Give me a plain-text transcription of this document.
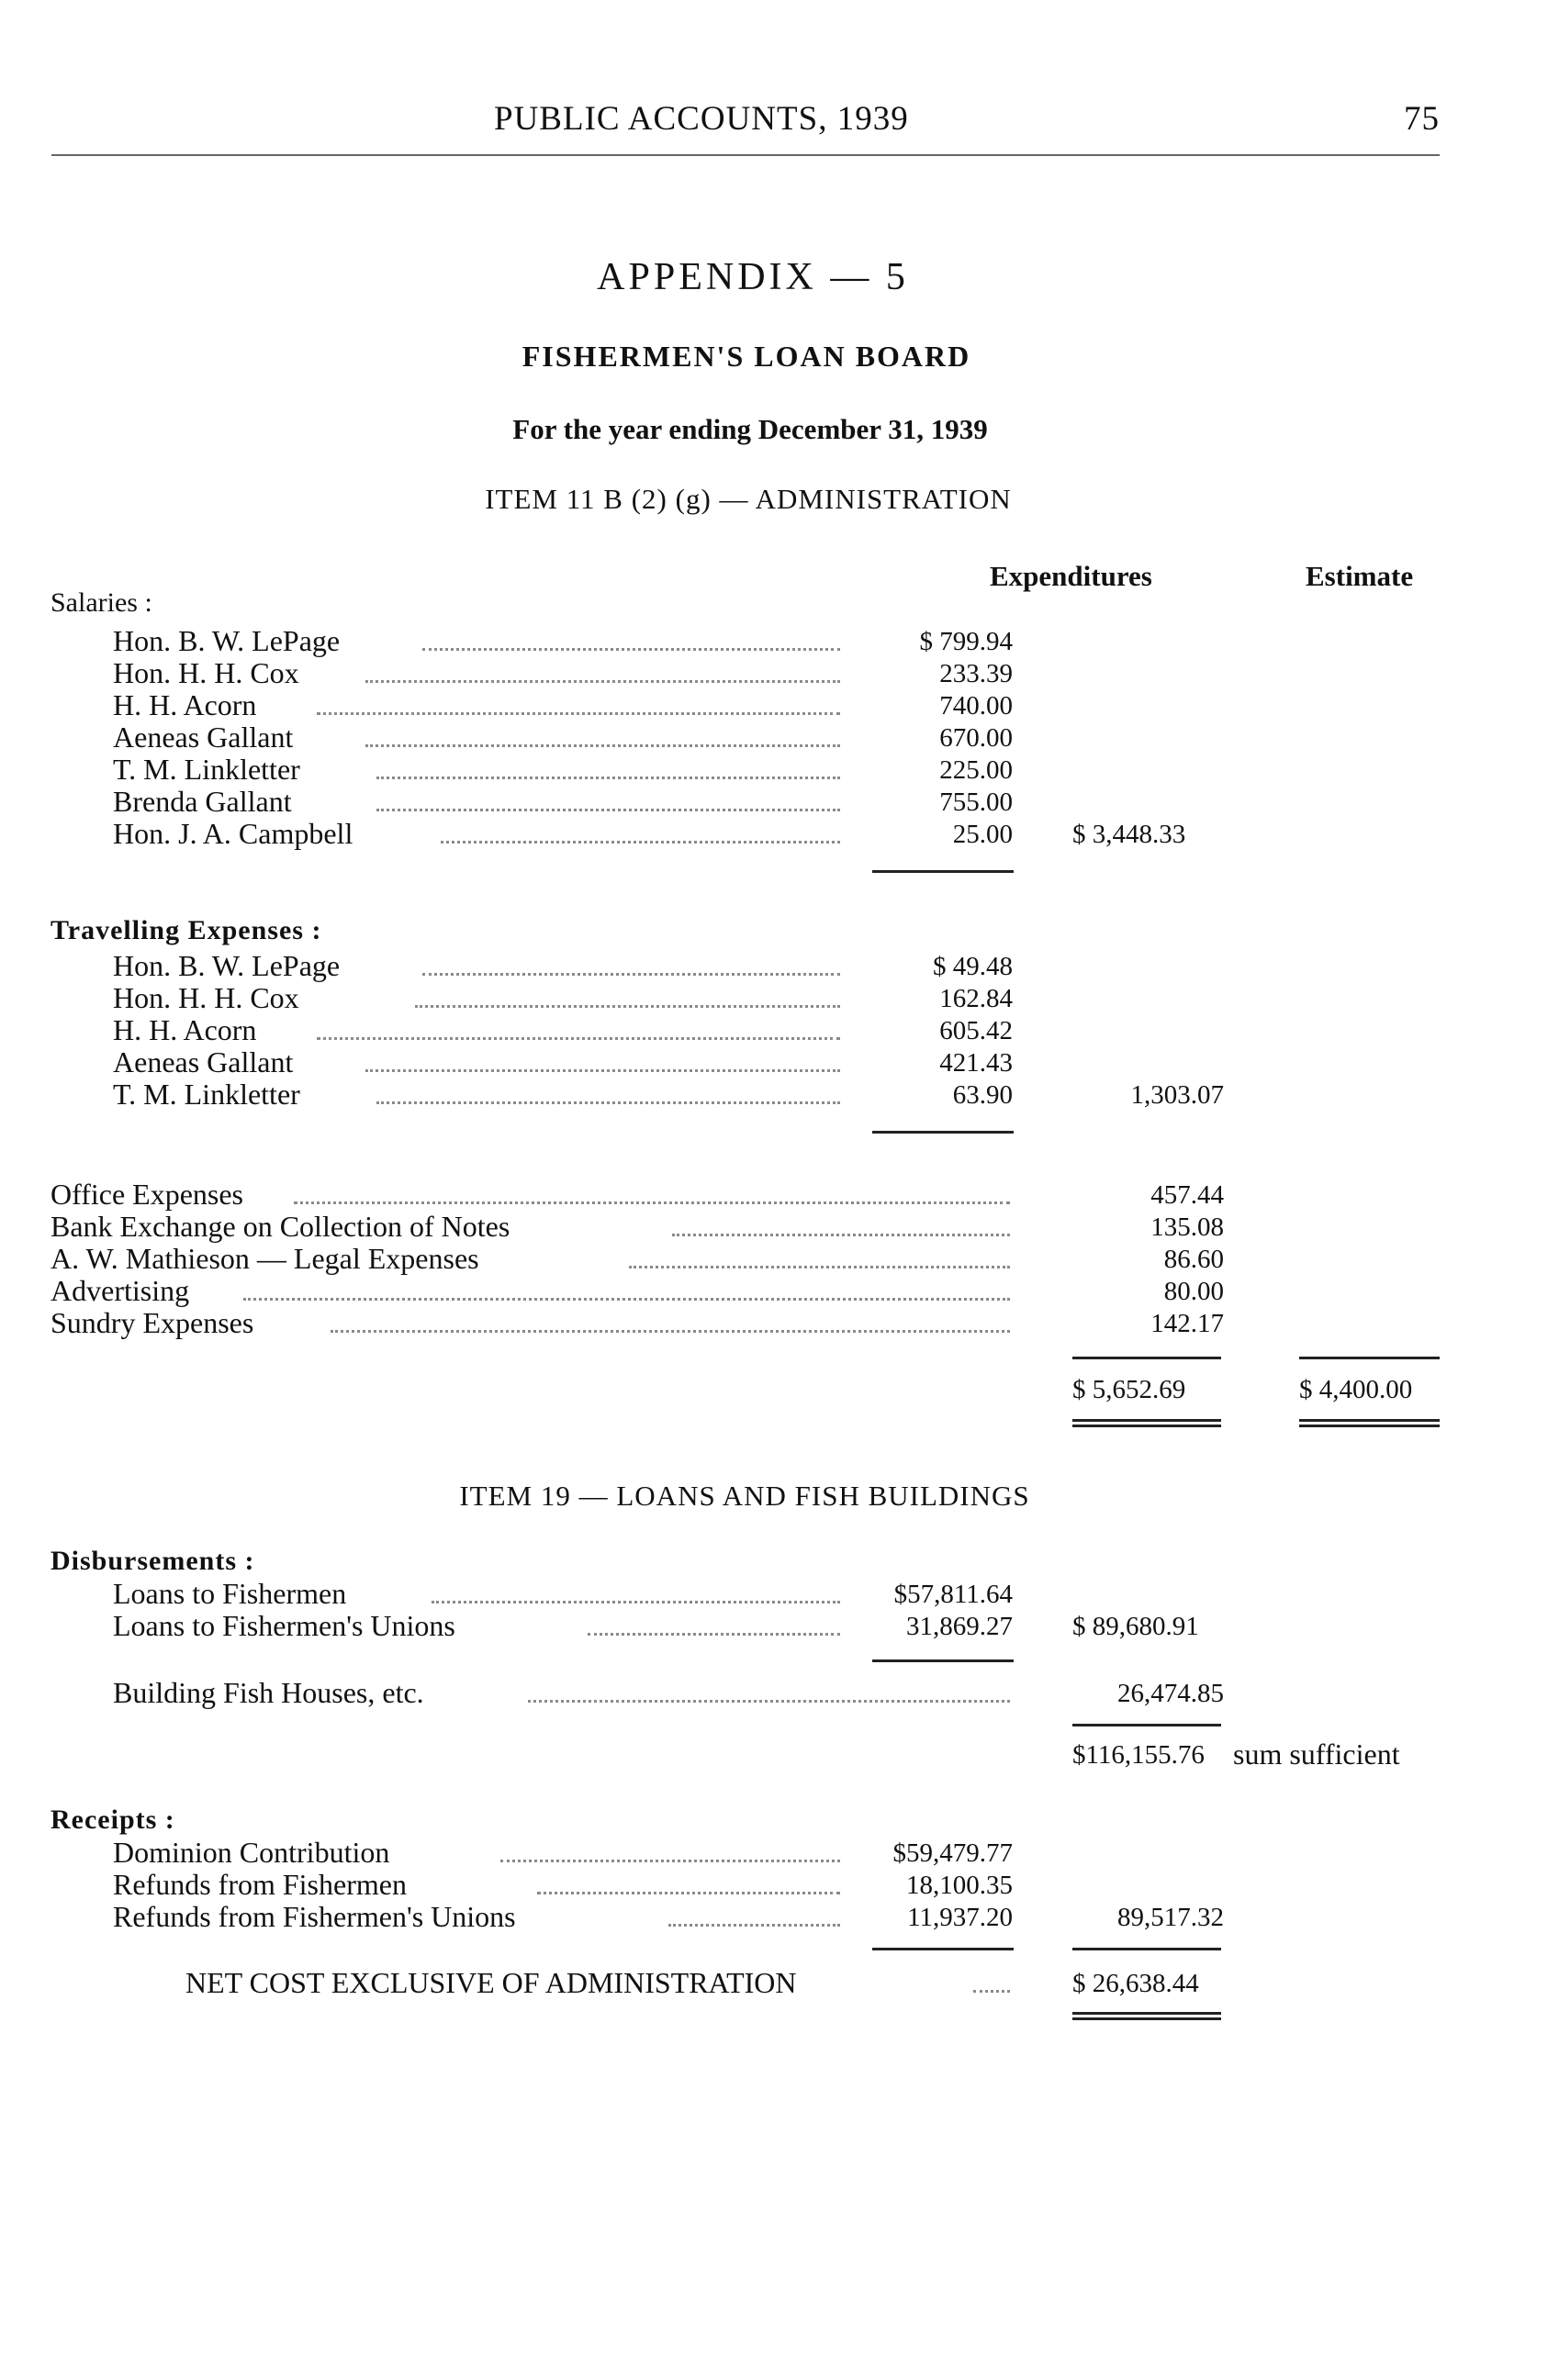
PUBLIC ACCOUNTS, 1939	75
APPENDIX — 5
FISHERMEN'S LOAN BOARD
For the year ending December 31, 1939
ITEM 11 B (2) (g) — ADMINISTRATION
Expenditures	Estimate
Salaries :
Hon. B. W. LePage	$ 799.94
Hon. H. H. Cox	233.39
H. H. Acorn	740.00
Aeneas Gallant	670.00
T. M. Linkletter	225.00
Brenda Gallant	755.00
Hon. J. A. Campbell	25.00 $ 3,448.33
Travelling Expenses :
Hon. B. W. LePage	$ 49.48
Hon. H. H. Cox	162.84
H. H. Acorn	605.42
Aeneas Gallant	421.43
T. M. Linkletter	63.90	1,303.07
Office Expenses	457.44
Bank Exchange on Collection of Notes	135.08
A. W. Mathieson — Legal Expenses	86.60
Advertising	80.00
Sundry Expenses	142.17
$ 5,652.69	$ 4,400.00
ITEM 19 — LOANS AND FISH BUILDINGS
Disbursements :
Loans to Fishermen	$57,811.64
Loans to Fishermen's Unions	31,869.27 $ 89,680.91
Building Fish Houses, etc.	26,474.85
$116,155.76 sum sufficient
Receipts :
Dominion Contribution	$59,479.77
Refunds from Fishermen	18,100.35
Refunds from Fishermen's Unions	11,937.20	89,517.32
NET COST EXCLUSIVE OF ADMINISTRATION	$ 26,638.44
